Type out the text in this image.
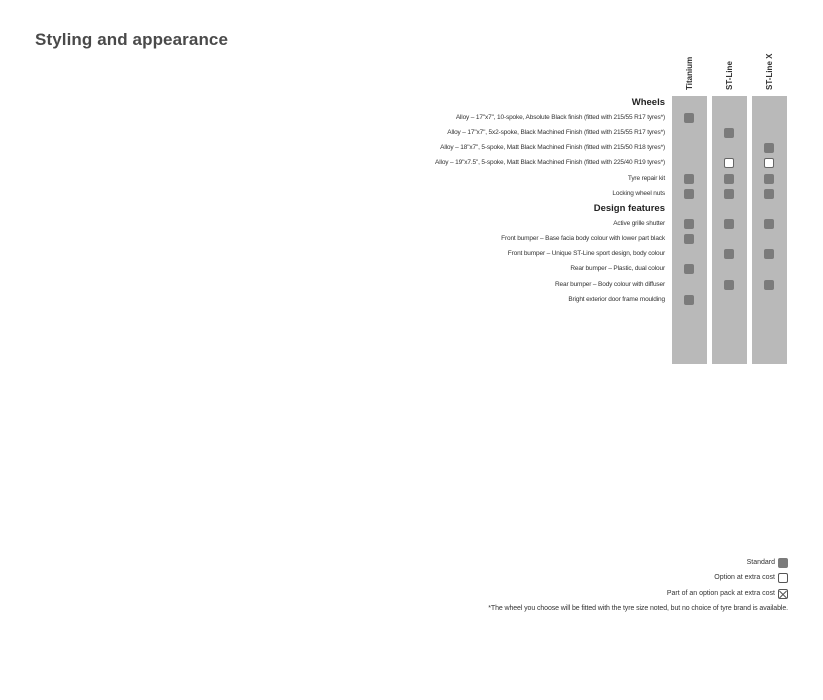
Styling and appearance
Titanium	ST-Line	ST-Line X
Wheels
Alloy – 17"x7", 10-spoke, Absolute Black finish (fitted with 215/55 R17 tyres*)
Alloy – 17"x7", 5x2-spoke, Black Machined Finish (fitted with 215/55 R17 tyres*)
Alloy – 18"x7", 5-spoke, Matt Black Machined Finish (fitted with 215/50 R18 tyres*)
Alloy – 19"x7.5", 5-spoke, Matt Black Machined Finish (fitted with 225/40 R19 tyres*)
Tyre repair kit
Locking wheel nuts
Design features
Active grille shutter
Front bumper – Base facia body colour with lower part black
Front bumper – Unique ST-Line sport design, body colour
Rear bumper – Plastic, dual colour
Rear bumper – Body colour with diffuser
Bright exterior door frame moulding
Standard
Option at extra cost
Part of an option pack at extra cost
*The wheel you choose will be fitted with the tyre size noted, but no choice of tyre brand is available.
